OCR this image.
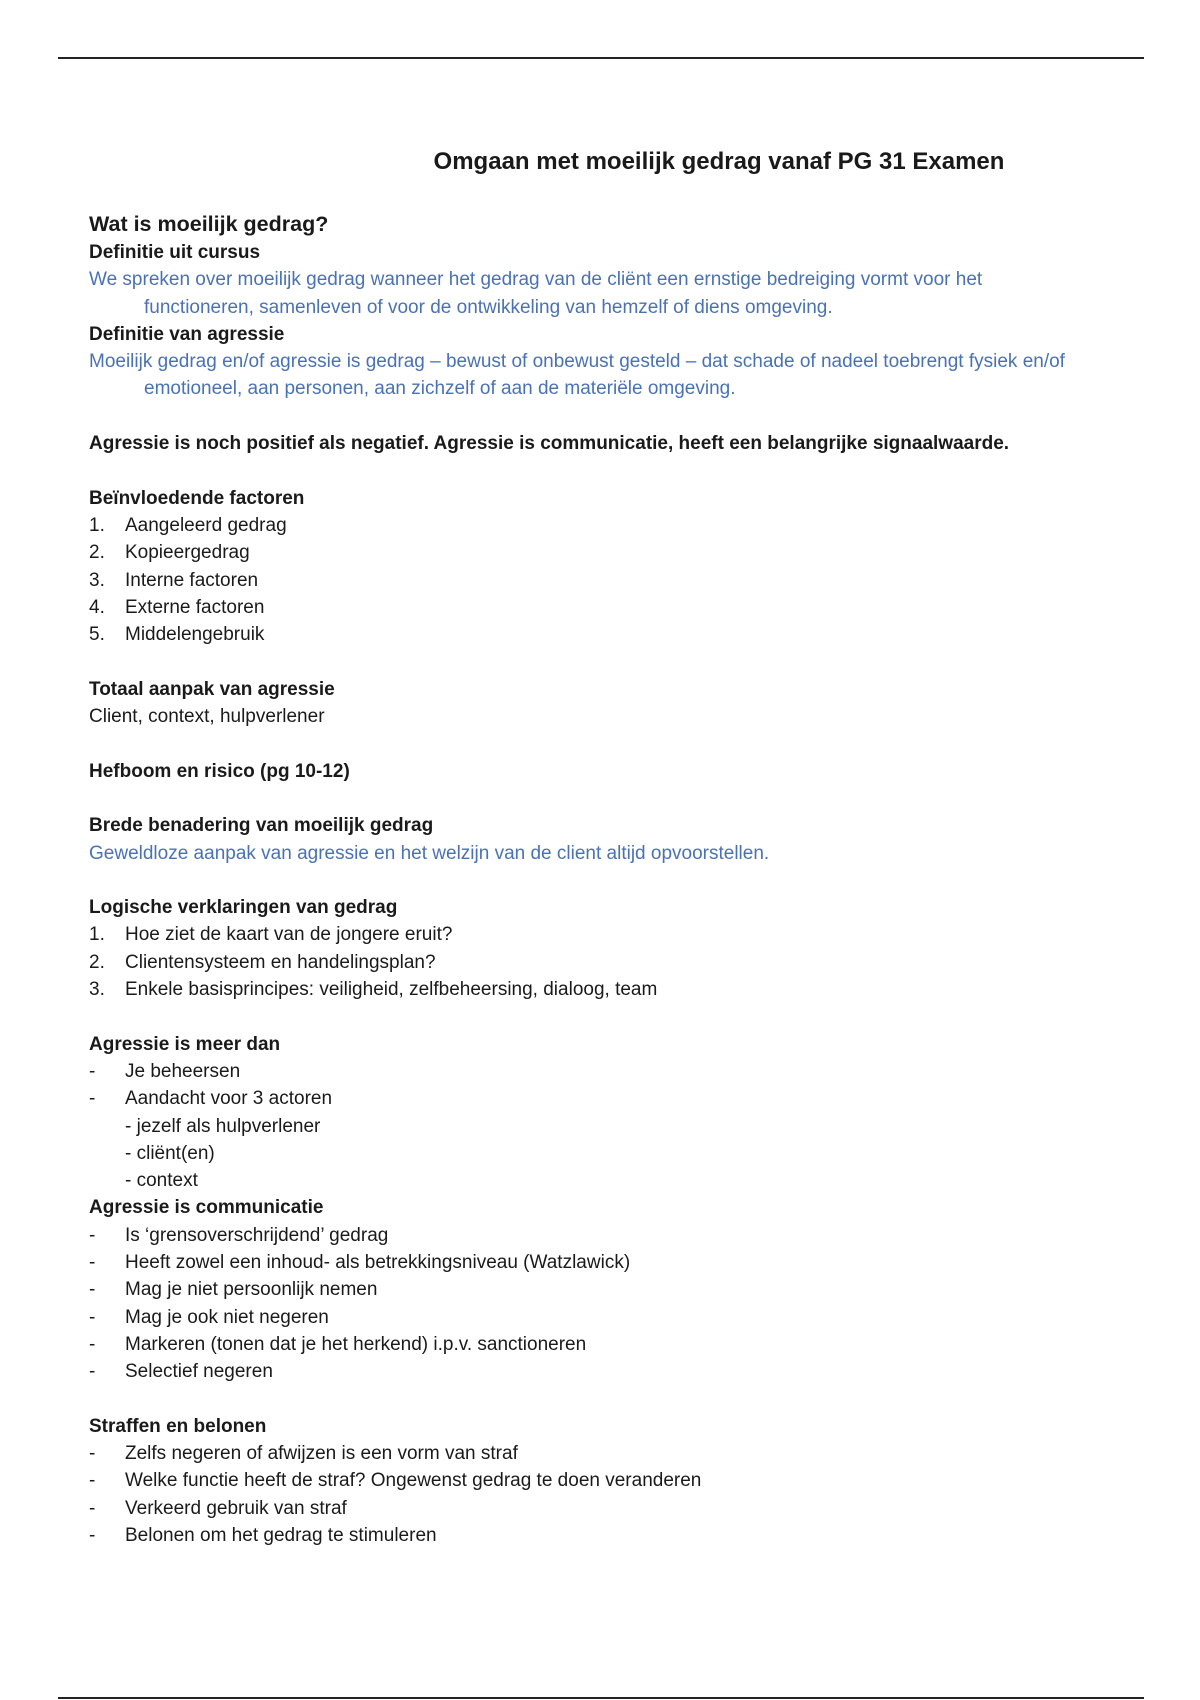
Omgaan met moeilijk gedrag vanaf PG 31 Examen
Wat is moeilijk gedrag?

Definitie uit cursus

We spreken over moeilijk gedrag wanneer het gedrag van de cliënt een ernstige bedreiging vormt voor het functioneren, samenleven of voor de ontwikkeling van hemzelf of diens omgeving.

Definitie van agressie

Moeilijk gedrag en/of agressie is gedrag – bewust of onbewust gesteld – dat schade of nadeel toebrengt fysiek en/of emotioneel, aan personen, aan zichzelf of aan de materiële omgeving.

Agressie is noch positief als negatief. Agressie is communicatie, heeft een belangrijke signaalwaarde.

Beïnvloedende factoren

1. Aangeleerd gedrag
2. Kopieergedrag
3. Interne factoren
4. Externe factoren
5. Middelengebruik

Totaal aanpak van agressie

Client, context, hulpverlener

Hefboom en risico (pg 10-12)

Brede benadering van moeilijk gedrag

Geweldloze aanpak van agressie en het welzijn van de client altijd opvoorstellen.

Logische verklaringen van gedrag

1. Hoe ziet de kaart van de jongere eruit?
2. Clientensysteem en handelingsplan?
3. Enkele basisprincipes: veiligheid, zelfbeheersing, dialoog, team

Agressie is meer dan

- Je beheersen
- Aandacht voor 3 actoren

- jezelf als hulpverlener

- cliënt(en)

- context

Agressie is communicatie

- Is ‘grensoverschrijdend’ gedrag
- Heeft zowel een inhoud- als betrekkingsniveau (Watzlawick)
- Mag je niet persoonlijk nemen
- Mag je ook niet negeren
- Markeren (tonen dat je het herkend) i.p.v. sanctioneren
- Selectief negeren

Straffen en belonen

- Zelfs negeren of afwijzen is een vorm van straf
- Welke functie heeft de straf? Ongewenst gedrag te doen veranderen
- Verkeerd gebruik van straf
- Belonen om het gedrag te stimuleren
